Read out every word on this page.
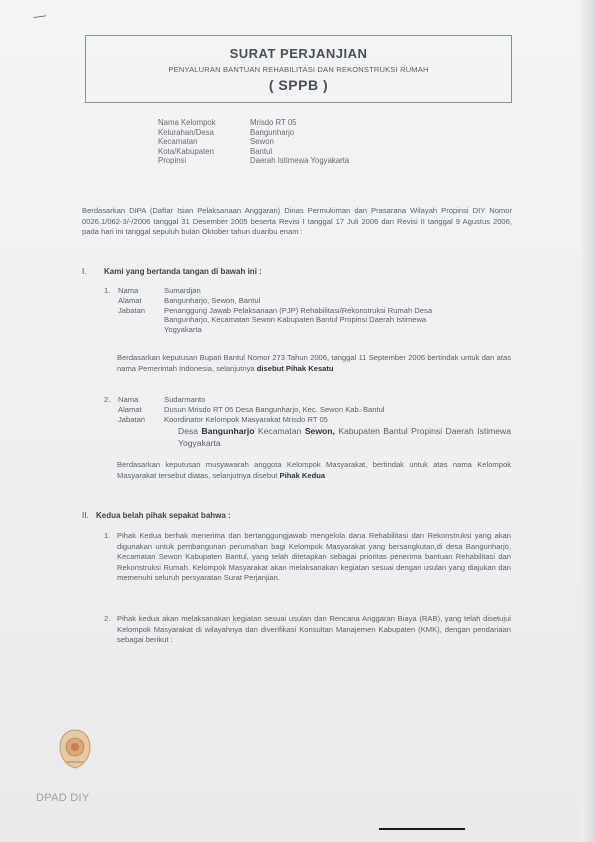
—
SURAT PERJANJIAN
PENYALURAN BANTUAN REHABILITASI DAN REKONSTRUKSI RUMAH
( SPPB )
Nama Kelompok	Mrisdo RT 05
Kelurahan/Desa	Bangunharjo
Kecamatan	Sewon
Kota/Kabupaten	Bantul
Propinsi	Daerah Istimewa Yogyakarta
Berdasarkan DIPA (Daftar Isian Pelaksanaan Anggaran) Dinas Permukiman dan Prasarana Wilayah Propinsi DIY Nomor 0026.1/062-3/-/2006 tanggal 31 Desember 2005 beserta Revisi I tanggal 17 Juli 2006 dan Revisi II tanggal 9 Agustus 2006, pada hari ini tanggal sepuluh bulan Oktober tahun duaribu enam :
I. Kami yang bertanda tangan di bawah ini :
1.	Nama	Sumardjan
Alamat	Bangunharjo, Sewon, Bantul
Jabatan	Penanggung Jawab Pelaksanaan (PJP) Rehabilitasi/Rekonstruksi Rumah Desa Bangunharjo, Kecamatan Sewon Kabupaten Bantul Propinsi Daerah Istimewa Yogyakarta
Berdasarkan keputusan Bupati Bantul Nomor 273 Tahun 2006, tanggal 11 September 2006 bertindak untuk dan atas nama Pemerintah Indonesia, selanjutnya disebut Pihak Kesatu
2.	Nama	Sudarmanto
Alamat	Dusun Mrisdo RT 05 Desa Bangunharjo, Kec. Sewon Kab. Bantul
Jabatan	Koordinator Kelompok Masyarakat Mrisdo RT 05
Desa Bangunharjo Kecamatan Sewon, Kabupaten Bantul Propinsi Daerah Istimewa Yogyakarta
Berdasarkan keputusan musyawarah anggota Kelompok Masyarakat, bertindak untuk atas nama Kelompok Masyarakat tersebut diatas, selanjutnya disebut Pihak Kedua
II. Kedua belah pihak sepakat bahwa :
1. Pihak Kedua berhak menerima dan bertanggungjawab mengelola dana Rehabilitasi dan Rekonstruksi yang akan digunakan untuk pembangunan perumahan bagi Kelompok Masyarakat yang bersangkutan,di desa Bangunharjo, Kecamatan Sewon Kabupaten Bantul, yang telah ditetapkan sebagai prioritas penerima bantuan Rehabilitasi dan Rekonstruksi Rumah. Kelompok Masyarakat akan melaksanakan kegiatan sesuai dengan usulan yang diajukan dan memenuhi seluruh persyaratan Surat Perjanjian.
2. Pihak kedua akan melaksanakan kegiatan sesuai usulan dan Rencana Anggaran Biaya (RAB), yang telah disetujui Kelompok Masyarakat di wilayahnya dan diverifikasi Konsultan Manajemen Kabupaten (KMK), dengan pendanaan sebagai berikut :
DPAD DIY
